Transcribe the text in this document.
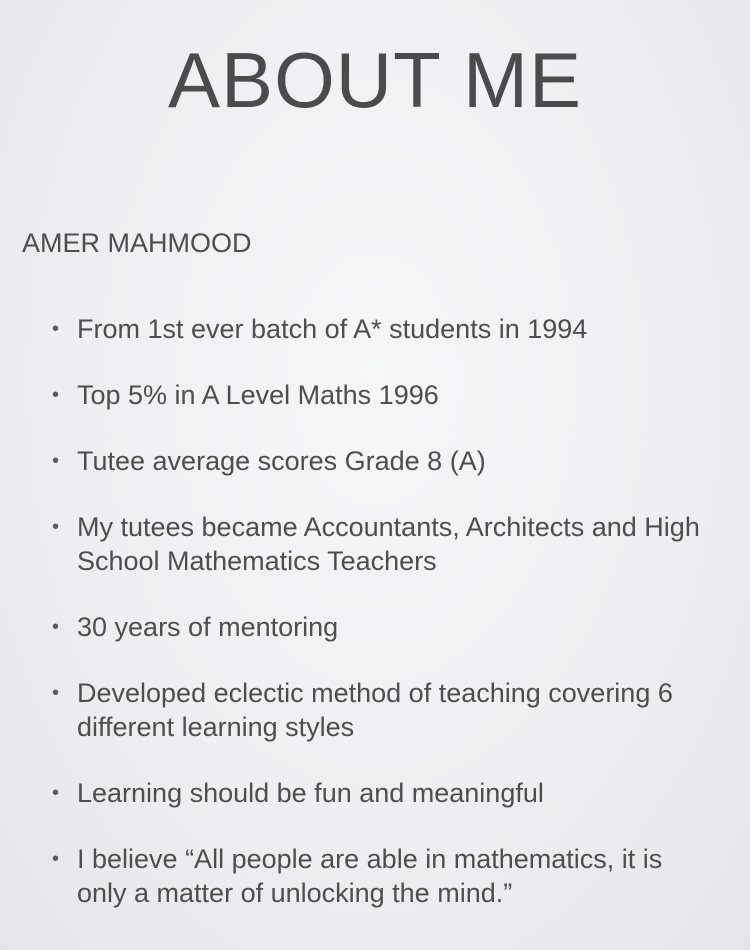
ABOUT ME
AMER MAHMOOD
• From 1st ever batch of A* students in 1994
• Top 5% in A Level Maths 1996
• Tutee average scores Grade 8 (A)
• My tutees became Accountants, Architects and High School Mathematics Teachers
• 30 years of mentoring
• Developed eclectic method of teaching covering 6 different learning styles
• Learning should be fun and meaningful
• I believe “All people are able in mathematics, it is only a matter of unlocking the mind.”
